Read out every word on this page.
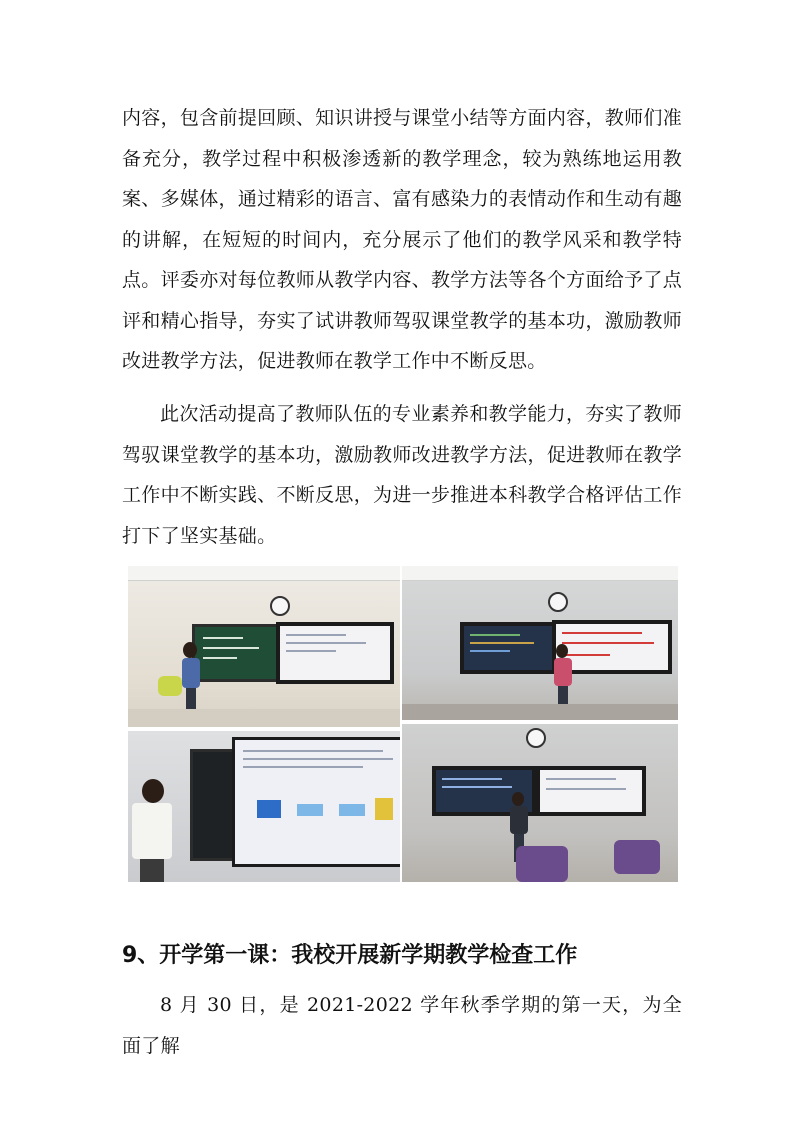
内容，包含前提回顾、知识讲授与课堂小结等方面内容，教师们准备充分，教学过程中积极渗透新的教学理念，较为熟练地运用教案、多媒体，通过精彩的语言、富有感染力的表情动作和生动有趣的讲解，在短短的时间内，充分展示了他们的教学风采和教学特点。评委亦对每位教师从教学内容、教学方法等各个方面给予了点评和精心指导，夯实了试讲教师驾驭课堂教学的基本功，激励教师改进教学方法，促进教师在教学工作中不断反思。

此次活动提高了教师队伍的专业素养和教学能力，夯实了教师驾驭课堂教学的基本功，激励教师改进教学方法，促进教师在教学工作中不断实践、不断反思，为进一步推进本科教学合格评估工作打下了坚实基础。

9、开学第一课：我校开展新学期教学检查工作

8 月 30 日，是 2021-2022 学年秋季学期的第一天，为全面了解
